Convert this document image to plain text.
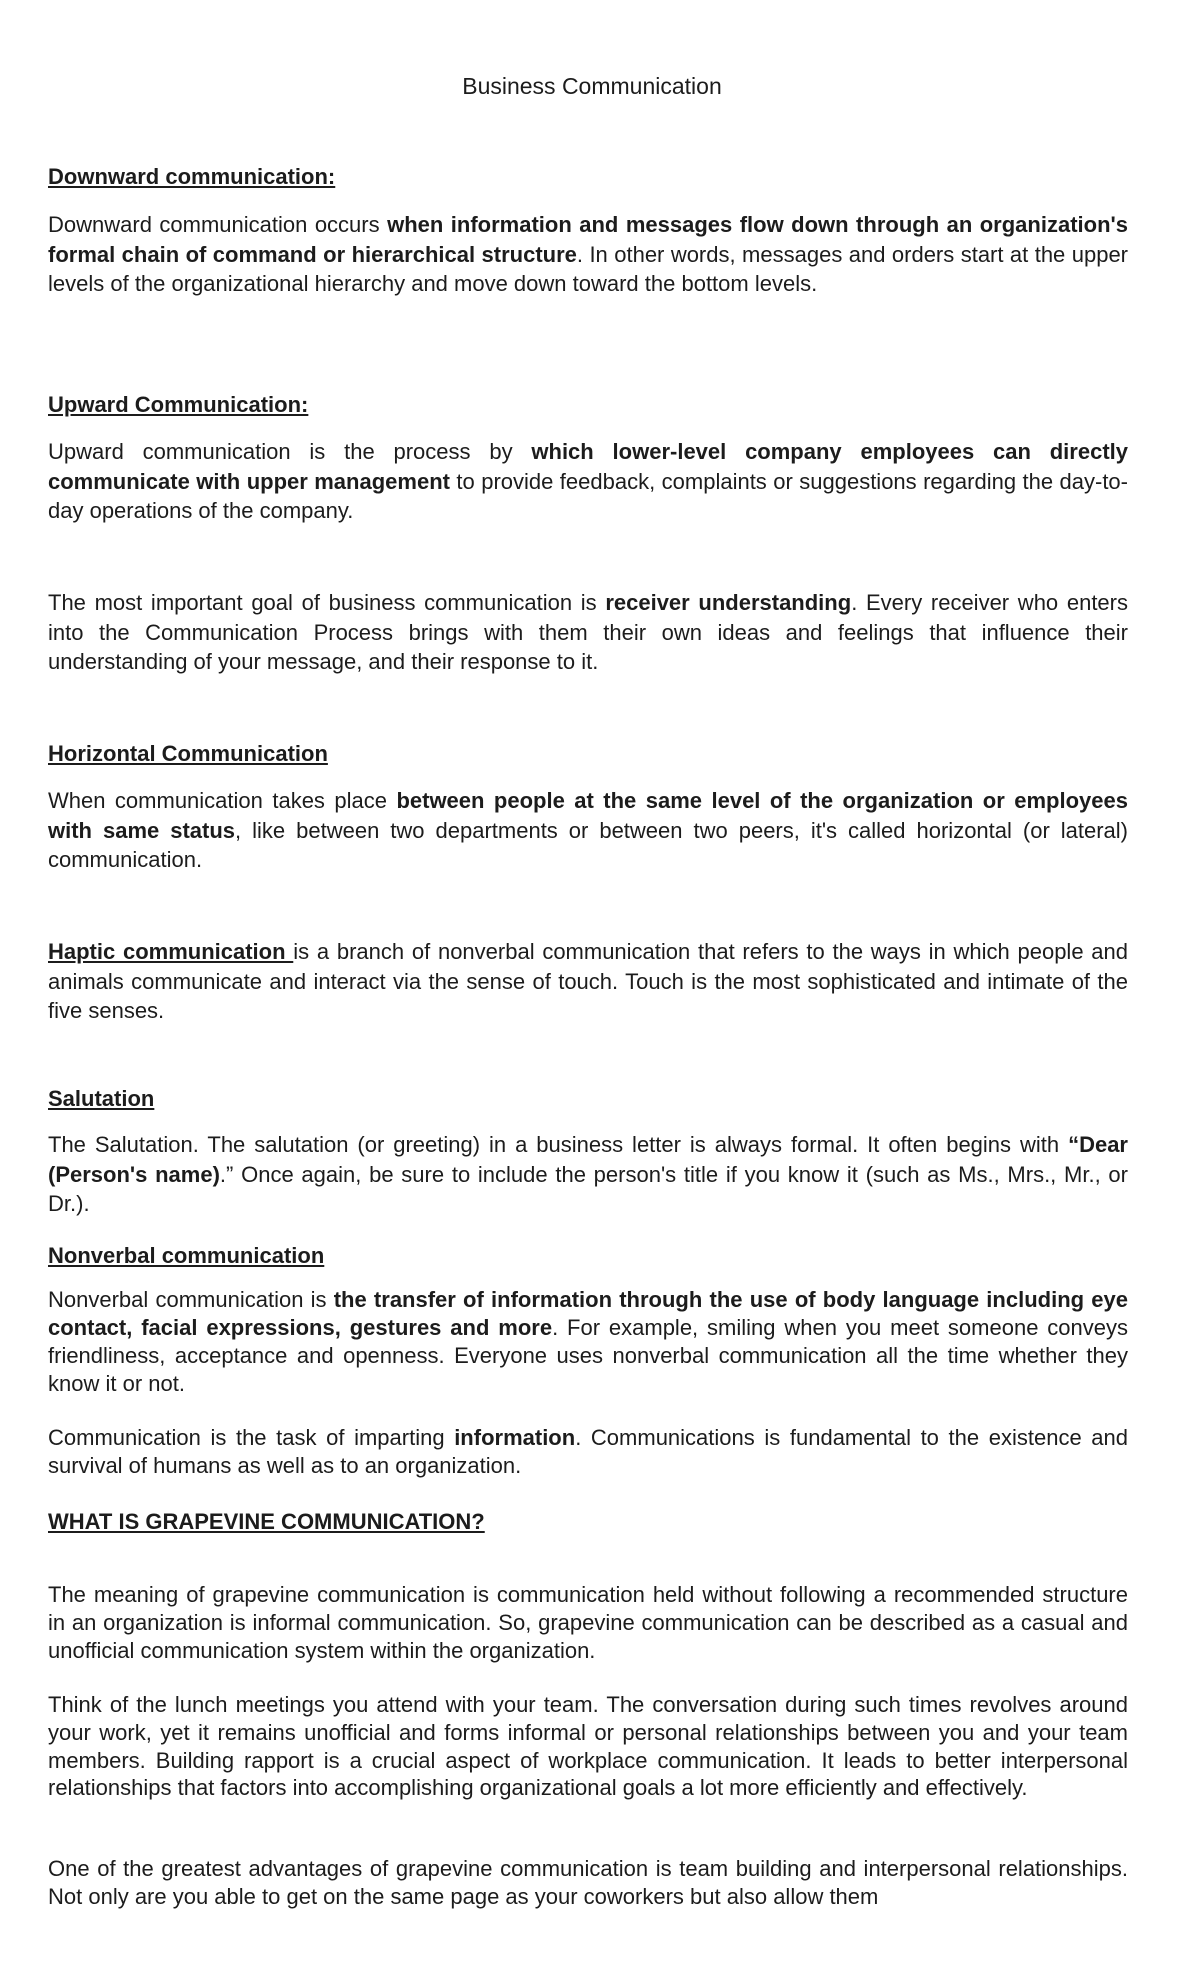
Business Communication
Downward communication:

Downward communication occurs when information and messages flow down through an organization's formal chain of command or hierarchical structure. In other words, messages and orders start at the upper levels of the organizational hierarchy and move down toward the bottom levels.

Upward Communication:

Upward communication is the process by which lower-level company employees can directly communicate with upper management to provide feedback, complaints or suggestions regarding the day-to-day operations of the company.

The most important goal of business communication is receiver understanding. Every receiver who enters into the Communication Process brings with them their own ideas and feelings that influence their understanding of your message, and their response to it.

Horizontal Communication

When communication takes place between people at the same level of the organization or employees with same status, like between two departments or between two peers, it's called horizontal (or lateral) communication.

Haptic communication is a branch of nonverbal communication that refers to the ways in which people and animals communicate and interact via the sense of touch. Touch is the most sophisticated and intimate of the five senses.

Salutation

The Salutation. The salutation (or greeting) in a business letter is always formal. It often begins with “Dear (Person's name).” Once again, be sure to include the person's title if you know it (such as Ms., Mrs., Mr., or Dr.).

Nonverbal communication

Nonverbal communication is the transfer of information through the use of body language including eye contact, facial expressions, gestures and more. For example, smiling when you meet someone conveys friendliness, acceptance and openness. Everyone uses nonverbal communication all the time whether they know it or not.

Communication is the task of imparting information. Communications is fundamental to the existence and survival of humans as well as to an organization.

WHAT IS GRAPEVINE COMMUNICATION?

The meaning of grapevine communication is communication held without following a recommended structure in an organization is informal communication. So, grapevine communication can be described as a casual and unofficial communication system within the organization.

Think of the lunch meetings you attend with your team. The conversation during such times revolves around your work, yet it remains unofficial and forms informal or personal relationships between you and your team members. Building rapport is a crucial aspect of workplace communication. It leads to better interpersonal relationships that factors into accomplishing organizational goals a lot more efficiently and effectively.

One of the greatest advantages of grapevine communication is team building and interpersonal relationships. Not only are you able to get on the same page as your coworkers but also allow them
